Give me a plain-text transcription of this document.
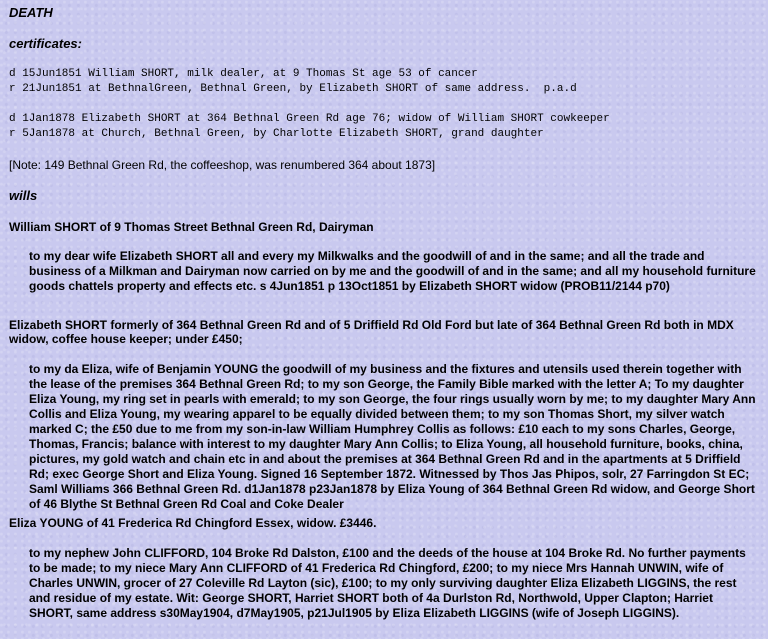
DEATH
certificates:
d 15Jun1851 William SHORT, milk dealer, at 9 Thomas St age 53 of cancer
r 21Jun1851 at BethnalGreen, Bethnal Green, by Elizabeth SHORT of same address.  p.a.d
d 1Jan1878 Elizabeth SHORT at 364 Bethnal Green Rd age 76; widow of William SHORT cowkeeper
r 5Jan1878 at Church, Bethnal Green, by Charlotte Elizabeth SHORT, grand daughter
[Note: 149 Bethnal Green Rd, the coffeeshop, was renumbered 364 about 1873]
wills
William SHORT of 9 Thomas Street Bethnal Green Rd, Dairyman
to my dear wife Elizabeth SHORT all and every my Milkwalks and the goodwill of and in the same; and all the trade and business of a Milkman and Dairyman now carried on by me and the goodwill of and in the same; and all my household furniture goods chattels property and effects etc. s 4Jun1851 p 13Oct1851 by Elizabeth SHORT widow (PROB11/2144 p70)
Elizabeth SHORT formerly of 364 Bethnal Green Rd and of 5 Driffield Rd Old Ford but late of 364 Bethnal Green Rd both in MDX widow, coffee house keeper; under £450;
to my da Eliza, wife of Benjamin YOUNG the goodwill of my business and the fixtures and utensils used therein together with the lease of the premises 364 Bethnal Green Rd; to my son George, the Family Bible marked with the letter A; To my daughter Eliza Young, my ring set in pearls with emerald; to my son George, the four rings usually worn by me; to my daughter Mary Ann Collis and Eliza Young, my wearing apparel to be equally divided between them; to my son Thomas Short, my silver watch marked C; the £50 due to me from my son-in-law William Humphrey Collis as follows: £10 each to my sons Charles, George, Thomas, Francis; balance with interest to my daughter Mary Ann Collis; to Eliza Young, all household furniture, books, china, pictures, my gold watch and chain etc in and about the premises at 364 Bethnal Green Rd and in the apartments at 5 Driffield Rd; exec George Short and Eliza Young. Signed 16 September 1872. Witnessed by Thos Jas Phipos, solr, 27 Farringdon St EC; Saml Williams 366 Bethnal Green Rd. d1Jan1878 p23Jan1878 by Eliza Young of 364 Bethnal Green Rd widow, and George Short of 46 Blythe St Bethnal Green Rd Coal and Coke Dealer
Eliza YOUNG of 41 Frederica Rd Chingford Essex, widow. £3446.
to my nephew John CLIFFORD, 104 Broke Rd Dalston, £100 and the deeds of the house at 104 Broke Rd. No further payments to be made; to my niece Mary Ann CLIFFORD of 41 Frederica Rd Chingford, £200; to my niece Mrs Hannah UNWIN, wife of Charles UNWIN, grocer of 27 Coleville Rd Layton (sic), £100; to my only surviving daughter Eliza Elizabeth LIGGINS, the rest and residue of my estate. Wit: George SHORT, Harriet SHORT both of 4a Durlston Rd, Northwold, Upper Clapton; Harriet SHORT, same address s30May1904, d7May1905, p21Jul1905 by Eliza Elizabeth LIGGINS (wife of Joseph LIGGINS).
